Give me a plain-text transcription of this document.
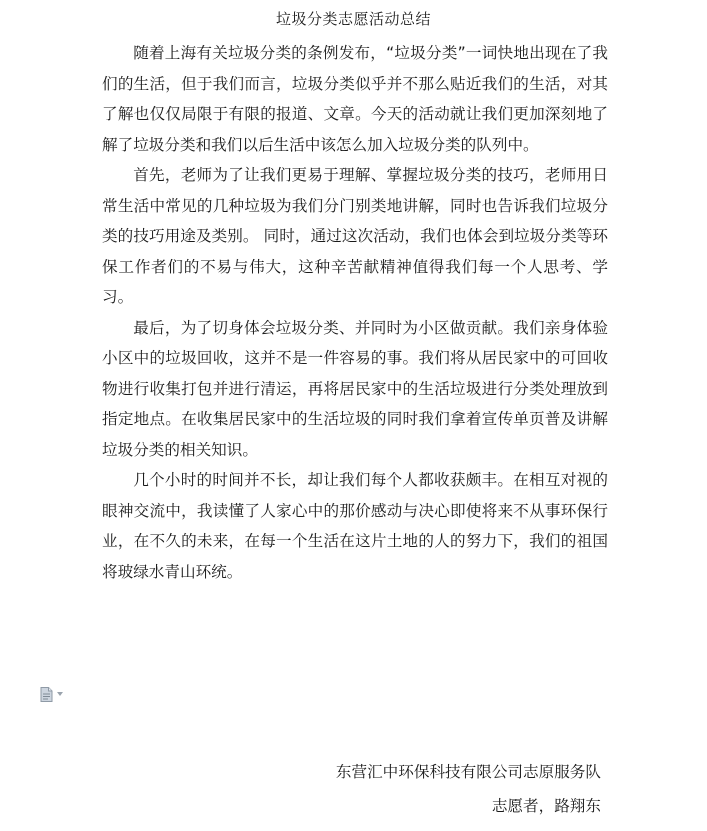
垃圾分类志愿活动总结

随着上海有关垃圾分类的条例发布，“垃圾分类”一词快地出现在了我们的生活，但于我们而言，垃圾分类似乎并不那么贴近我们的生活，对其了解也仅仅局限于有限的报道、文章。今天的活动就让我们更加深刻地了解了垃圾分类和我们以后生活中该怎么加入垃圾分类的队列中。

首先，老师为了让我们更易于理解、掌握垃圾分类的技巧，老师用日常生活中常见的几种垃圾为我们分门别类地讲解，同时也告诉我们垃圾分类的技巧用途及类别。 同时，通过这次活动，我们也体会到垃圾分类等环保工作者们的不易与伟大，这种辛苦献精神值得我们每一个人思考、学习。

最后，为了切身体会垃圾分类、并同时为小区做贡献。我们亲身体验小区中的垃圾回收，这并不是一件容易的事。我们将从居民家中的可回收物进行收集打包并进行清运，再将居民家中的生活垃圾进行分类处理放到指定地点。在收集居民家中的生活垃圾的同时我们拿着宣传单页普及讲解垃圾分类的相关知识。

几个小时的时间并不长，却让我们每个人都收获颇丰。在相互对视的眼神交流中，我读懂了人家心中的那价感动与决心即使将来不从事环保行业，在不久的未来，在每一个生活在这片土地的人的努力下，我们的祖国将玻绿水青山环统。

东营汇中环保科技有限公司志原服务队
志愿者，路翔东
